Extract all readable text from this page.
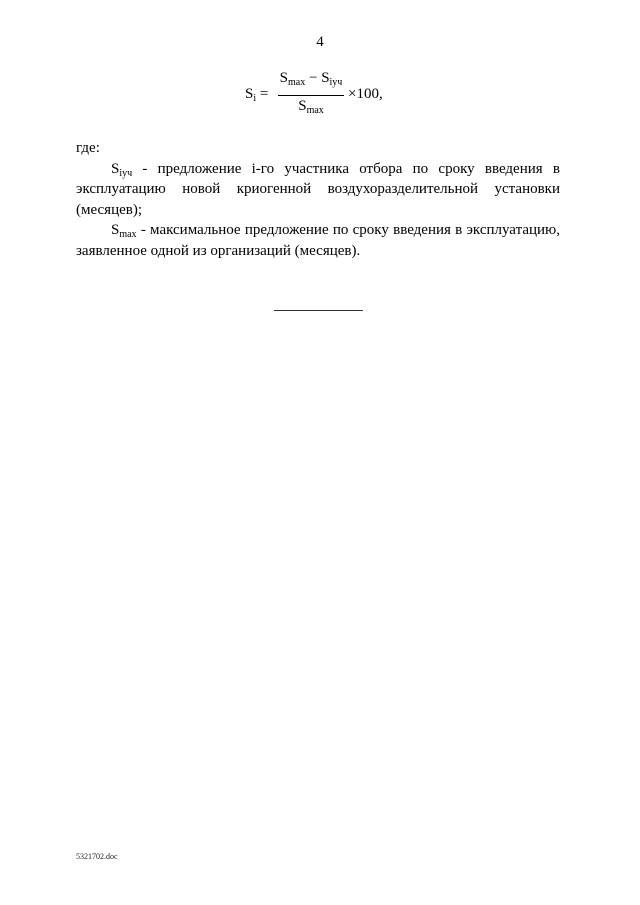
4
$S_i$ =
$S_{max} - S_{iуч}$
$S_{max}$
×100,

где:

$S_{iуч}$ - предложение i-го участника отбора по сроку введения в эксплуатацию новой криогенной воздухоразделительной установки (месяцев);

$S_{max}$ - максимальное предложение по сроку введения в эксплуатацию, заявленное одной из организаций (месяцев).

5321702.doc
